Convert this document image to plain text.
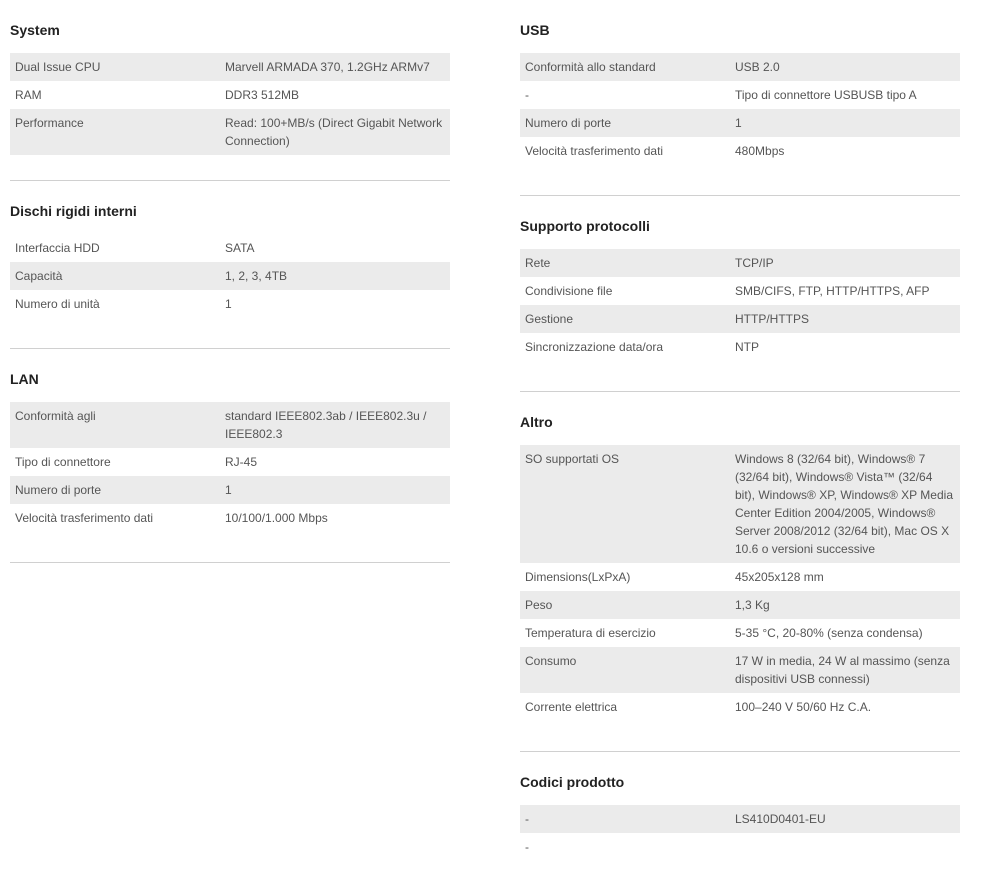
System
Dual Issue CPU	Marvell ARMADA 370, 1.2GHz ARMv7
RAM	DDR3 512MB
Performance	Read: 100+MB/s (Direct Gigabit Network Connection)
Dischi rigidi interni
Interfaccia HDD	SATA
Capacità	1, 2, 3, 4TB
Numero di unità	1
LAN
Conformità agli	standard IEEE802.3ab / IEEE802.3u / IEEE802.3
Tipo di connettore	RJ-45
Numero di porte	1
Velocità trasferimento dati	10/100/1.000 Mbps
USB
Conformità allo standard	USB 2.0
-	Tipo di connettore USBUSB tipo A
Numero di porte	1
Velocità trasferimento dati	480Mbps
Supporto protocolli
Rete	TCP/IP
Condivisione file	SMB/CIFS, FTP, HTTP/HTTPS, AFP
Gestione	HTTP/HTTPS
Sincronizzazione data/ora	NTP
Altro
SO supportati OS	Windows 8 (32/64 bit), Windows® 7 (32/64 bit), Windows® Vista™ (32/64 bit), Windows® XP, Windows® XP Media Center Edition 2004/2005, Windows® Server 2008/2012 (32/64 bit), Mac OS X 10.6 o versioni successive
Dimensions(LxPxA)	45x205x128 mm
Peso	1,3 Kg
Temperatura di esercizio	5-35 °C, 20-80% (senza condensa)
Consumo	17 W in media, 24 W al massimo (senza dispositivi USB connessi)
Corrente elettrica	100–240 V 50/60 Hz C.A.
Codici prodotto
-	LS410D0401-EU
-	
